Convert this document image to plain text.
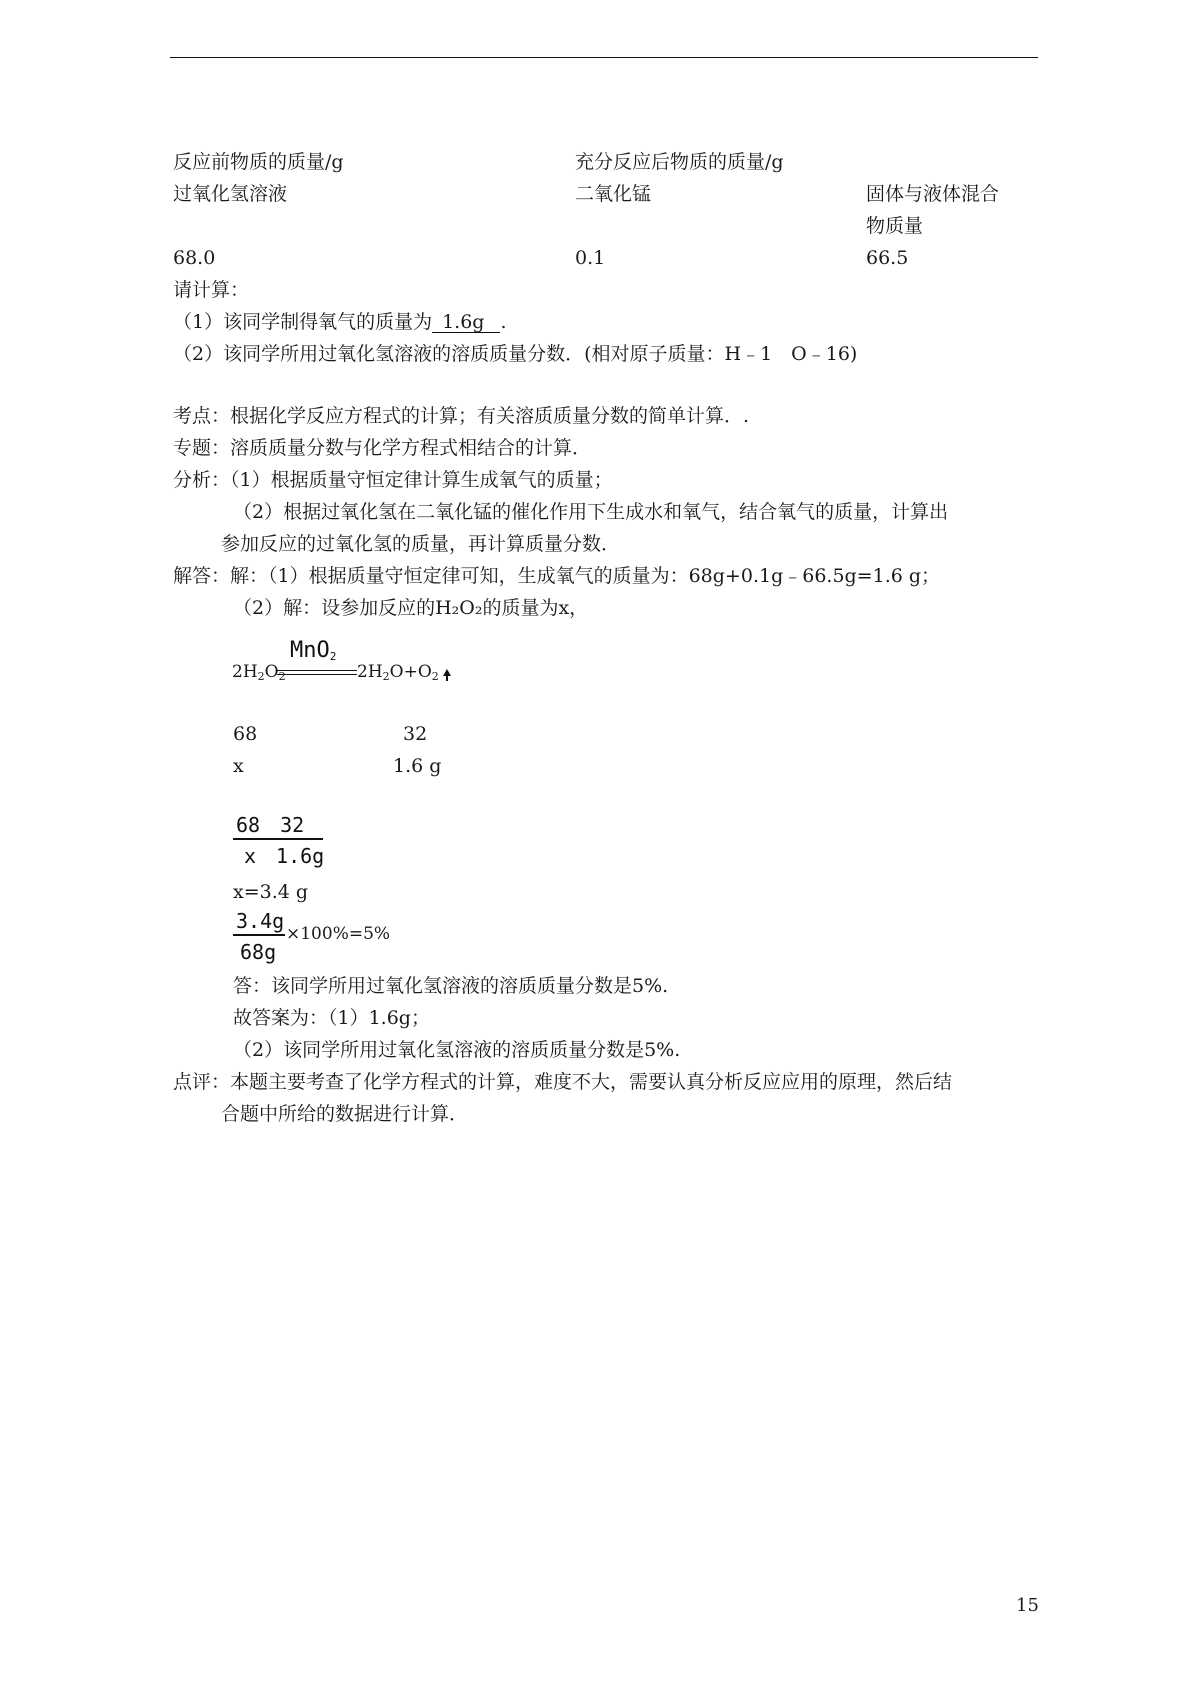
反应前物质的质量/g	充分反应后物质的质量/g
过氧化氢溶液	二氧化锰	固体与液体混合
物质量
68.0	0.1	66.5
请计算：
（1）该同学制得氧气的质量为 1.6g .
（2）该同学所用过氧化氢溶液的溶质质量分数．(相对原子质量：H﹣1　O﹣16)
考点：根据化学反应方程式的计算；有关溶质质量分数的简单计算．.
专题：溶质质量分数与化学方程式相结合的计算．
分析：（1）根据质量守恒定律计算生成氧气的质量；
（2）根据过氧化氢在二氧化锰的催化作用下生成水和氧气，结合氧气的质量，计算出
参加反应的过氧化氢的质量，再计算质量分数．
解答：解：（1）根据质量守恒定律可知，生成氧气的质量为：68g+0.1g﹣66.5g=1.6 g；
（2）解：设参加反应的H₂O₂的质量为x，
MnO$_2$
$2H_2O_2$	$2H_2O+O_2$
68	32
x	1.6 g
68　32
x　1.6g
x=3.4 g
3.4g
68g
×100%=5%
答：该同学所用过氧化氢溶液的溶质质量分数是5%.
故答案为：（1）1.6g；
（2）该同学所用过氧化氢溶液的溶质质量分数是5%.
点评：本题主要考查了化学方程式的计算，难度不大，需要认真分析反应应用的原理，然后结
合题中所给的数据进行计算．
15
